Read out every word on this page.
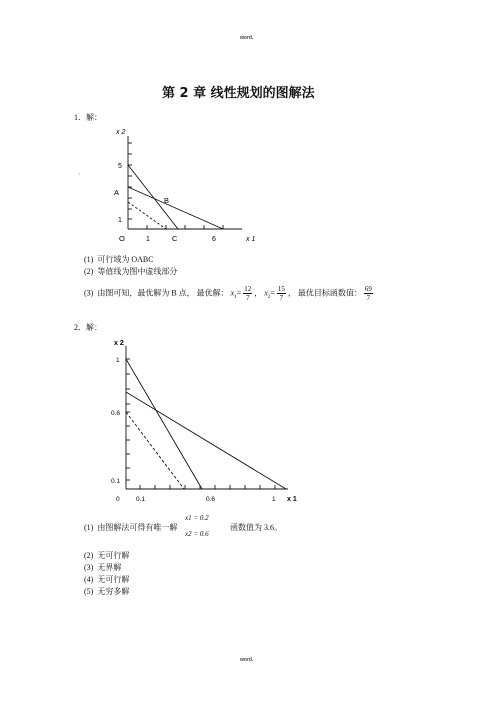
word.
word.
第 2 章 线性规划的图解法
1．解：
·
x 2
5
1
A
B
O	1	C	6	x 1
(1) 可行域为 OABC
(2) 等值线为图中虚线部分
(3) 由图可知，最优解为 B 点， 最优解： $x_1= \frac{12}{7}$ ， $x_2= \frac{15}{7}$ ， 最优目标函数值： $\frac{69}{7}$
2．解：
x 2
1
0.6
0.1
0	0.1	0.6	1 x 1
(1) 由图解法可得有唯一解
x1 = 0.2
x2 = 0.6
函数值为 3.6。
(2) 无可行解
(3) 无界解
(4) 无可行解
(5) 无穷多解
